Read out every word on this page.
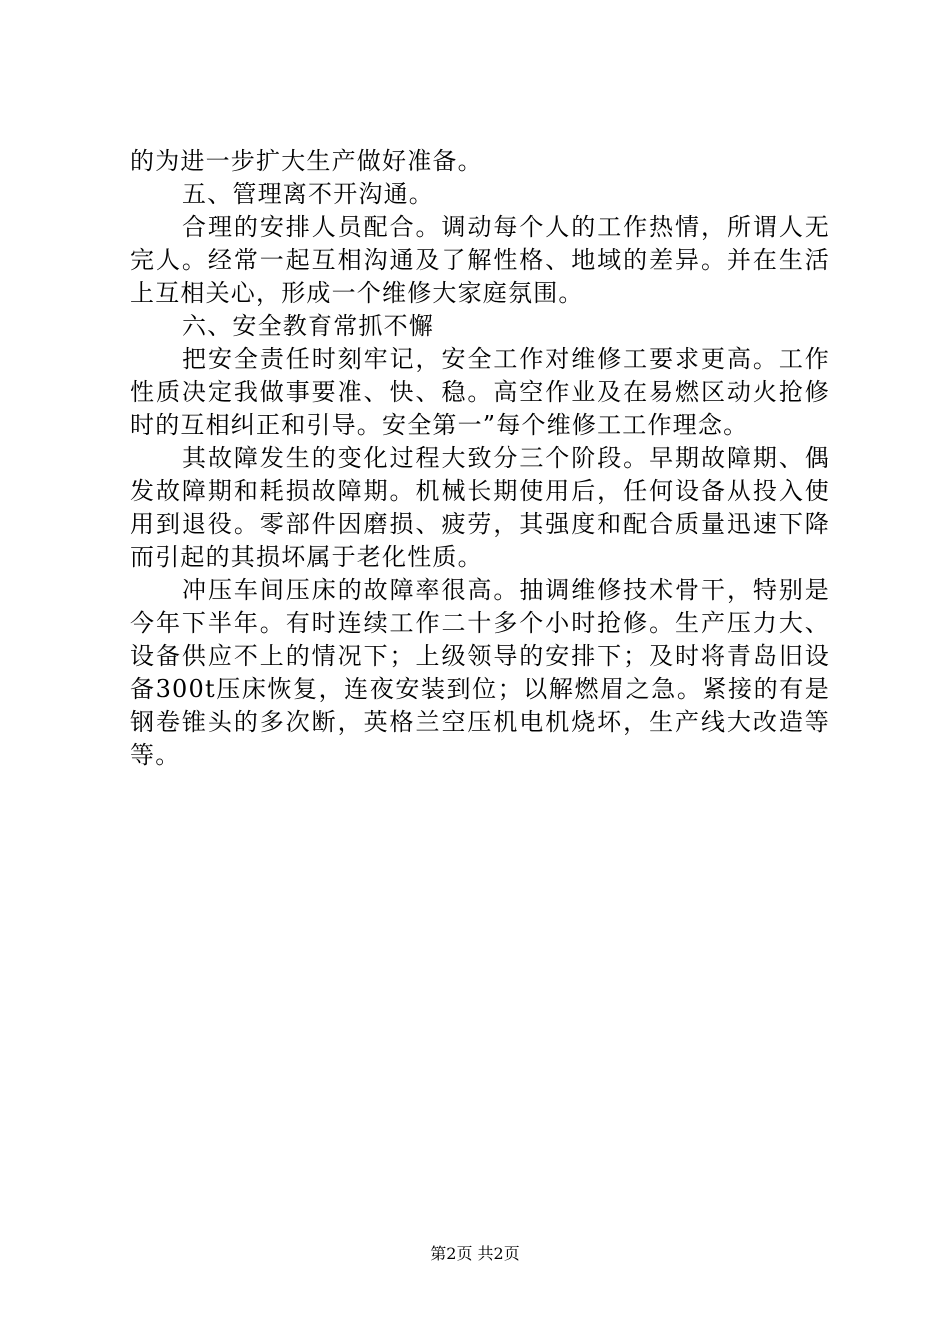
的为进一步扩大生产做好准备。

五、管理离不开沟通。

合理的安排人员配合。调动每个人的工作热情，所谓人无完人。经常一起互相沟通及了解性格、地域的差异。并在生活上互相关心，形成一个维修大家庭氛围。

六、安全教育常抓不懈

把安全责任时刻牢记，安全工作对维修工要求更高。工作性质决定我做事要准、快、稳。高空作业及在易燃区动火抢修时的互相纠正和引导。安全第一”每个维修工工作理念。

其故障发生的变化过程大致分三个阶段。早期故障期、偶发故障期和耗损故障期。机械长期使用后，任何设备从投入使用到退役。零部件因磨损、疲劳，其强度和配合质量迅速下降而引起的其损坏属于老化性质。

冲压车间压床的故障率很高。抽调维修技术骨干，特别是今年下半年。有时连续工作二十多个小时抢修。生产压力大、设备供应不上的情况下；上级领导的安排下；及时将青岛旧设备300t压床恢复，连夜安装到位；以解燃眉之急。紧接的有是钢卷锥头的多次断，英格兰空压机电机烧坏，生产线大改造等等。

第2页 共2页
